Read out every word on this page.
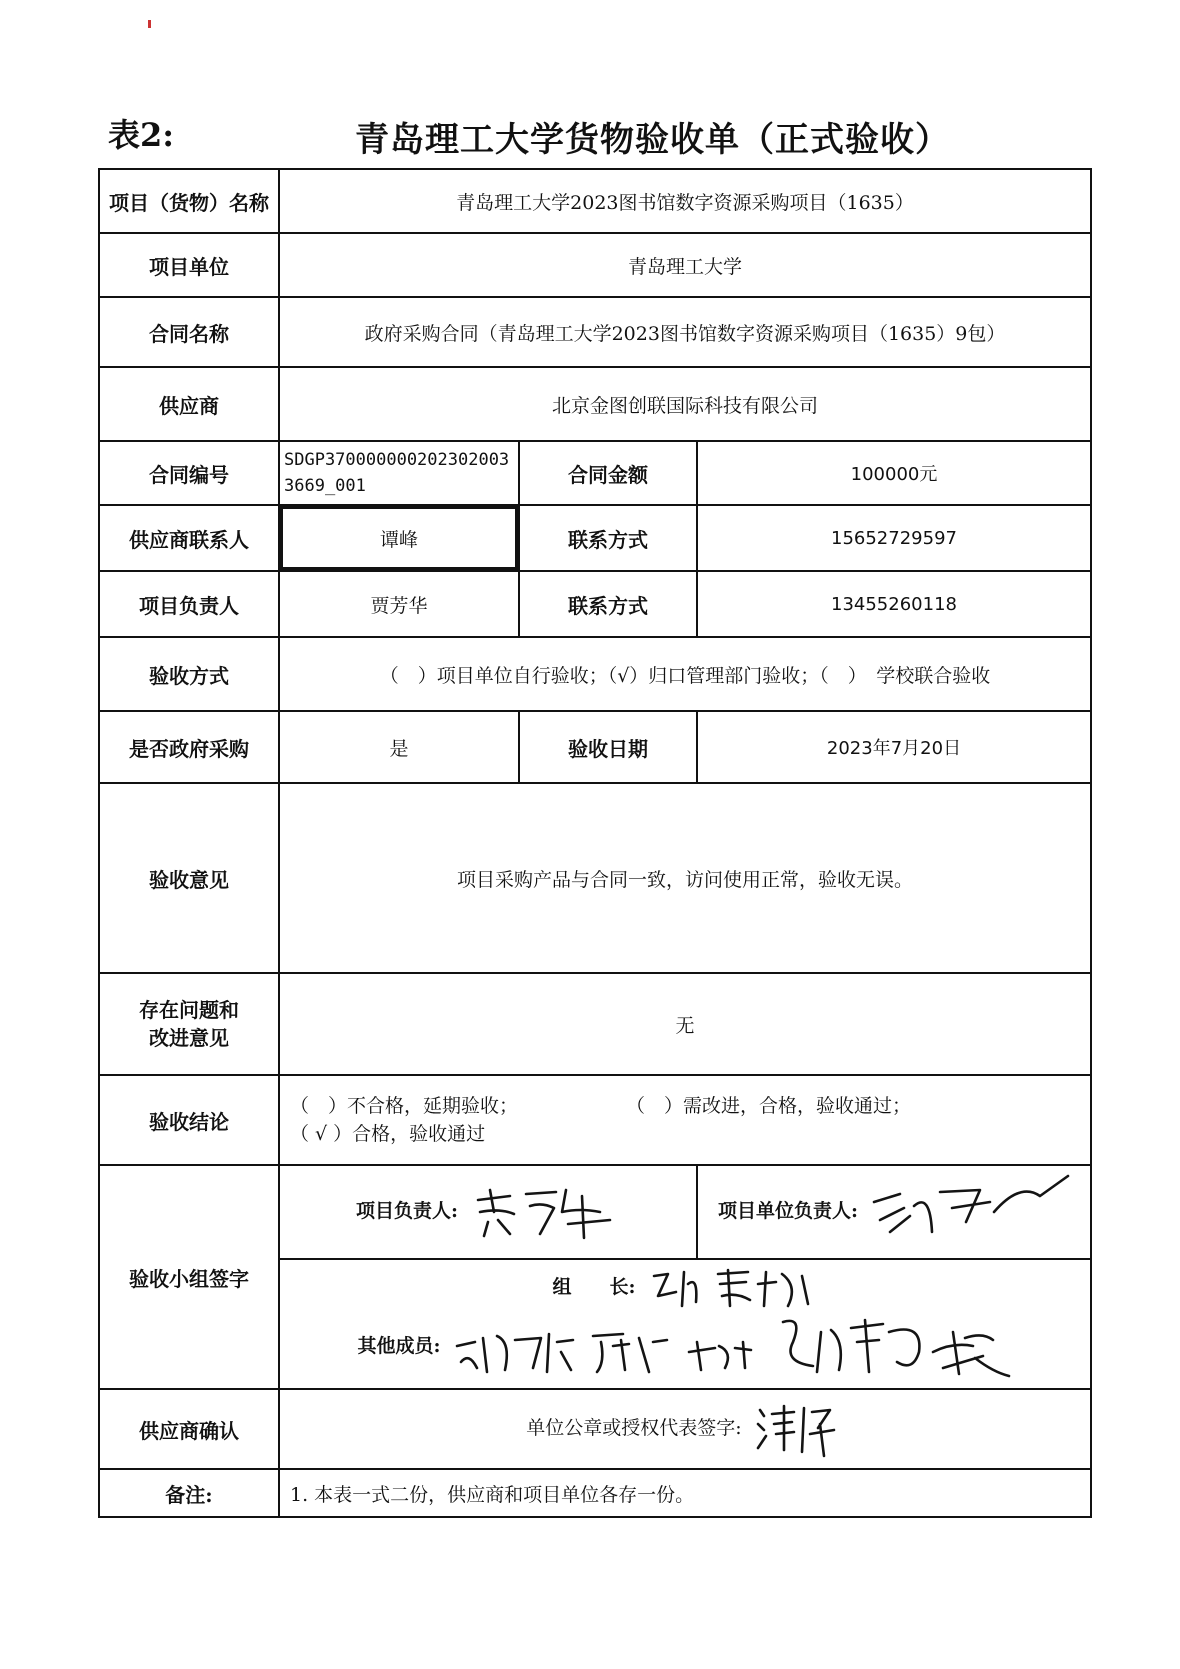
表2:	青岛理工大学货物验收单（正式验收）
项目（货物）名称	青岛理工大学2023图书馆数字资源采购项目（1635）		
项目单位	青岛理工大学		
合同名称	政府采购合同（青岛理工大学2023图书馆数字资源采购项目（1635）9包）		
供应商	北京金图创联国际科技有限公司		
合同编号	SDGP370000000202302003 3669_001	合同金额	100000元
供应商联系人	谭峰	联系方式	15652729597
项目负责人	贾芳华	联系方式	13455260118
验收方式	（　）项目单位自行验收；（√）归口管理部门验收；（　）　学校联合验收		
是否政府采购	是	验收日期	2023年7月20日
验收意见	项目采购产品与合同一致，访问使用正常，验收无误。		

存在问题和
改进意见	无		
验收结论	（　）不合格，延期验收； （　）需改进，合格，验收通过；
（ √ ）合格，验收通过		

验收小组签字	项目负责人:		项目单位负责人:

	组　　长:
其他成员:		

供应商确认	单位公章或授权代表签字:		
备注:	1. 本表一式二份，供应商和项目单位各存一份。		
